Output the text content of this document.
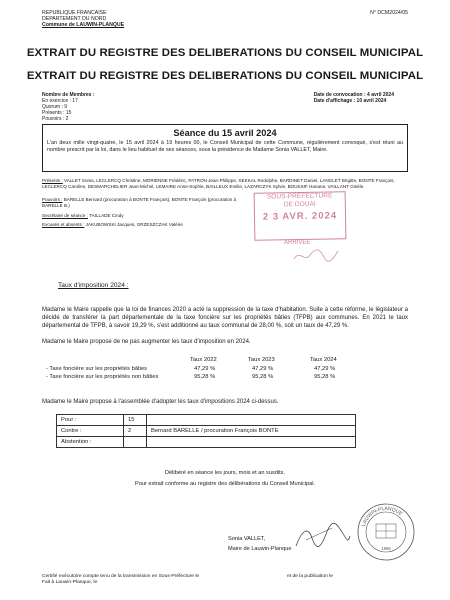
REPUBLIQUE FRANCAISE
DEPARTEMENT DU NORD
Commune de LAUWIN-PLANQUE
N° DCM2024/05
EXTRAIT DU REGISTRE DES DELIBERATIONS DU CONSEIL MUNICIPAL
EXTRAIT DU REGISTRE DES DELIBERATIONS DU CONSEIL MUNICIPAL
Nombre de Membres :
En exercice : 17
Quorum : 9
Présents : 15
Pouvoirs : 2
Date de convocation : 4 avril 2024
Date d'affichage : 10 avril 2024
Séance du 15 avril 2024
L'an deux mille vingt-quatre, le 15 avril 2024 à 19 heures 00, le Conseil Municipal de cette Commune, régulièrement convoqué, s'est réuni au nombre prescrit par la loi, dans le lieu habituel de ses séances, sous la présidence de Madame Sonia VALLET, Maire.
Présents : VALLET Sonia, LECLERCQ Christine, MORIENNE Frédéric, PATRON Jean-Philippe, SEKKAL Rodolphe, BARDINET Daniel, LANGLET Brigitte, BONTE François, LECLERCQ Caroline, DESMARCHELIER Jean-Michel, LEMAIRE Anne-Sophie, BAILLEUX Emilie, LAZARCZYK Sylvie, BOUSSIF Hanane, VAILLANT Gisèle.
Pouvoirs : BARELLE Bernard (procuration à BONTE François), BONTE François (procuration à BARELLE B.)
Secrétaire de séance : TAILLADE Cindy
Excusés et absents : JAKUBOWSKI Jacques, GRZESZCZAK Valérie
SOUS-PREFECTURE
DE DOUAI
2 3 AVR. 2024
ARRIVEE
Taux d'imposition 2024 :
Madame le Maire rappelle que la loi de finances 2020 a acté la suppression de la taxe d'habitation. Suite à cette réforme, le législateur a décidé de transférer la part départementale de la taxe foncière sur les propriétés bâties (TFPB) aux communes. En 2021 le taux départemental de TFPB, à savoir 19,29 %, s'est additionné au taux communal de 28,00 %, soit un taux de 47,29 %.
Madame le Maire propose de ne pas augmenter les taux d'imposition en 2024.
Taux 2022	Taux 2023	Taux 2024
- Taxe foncière sur les propriétés bâties	47,29 %	47,29 %	47,29 %
- Taxe foncière sur les propriétés non bâties	95,28 %	95,28 %	95,28 %
Madame le Maire propose à l'assemblée d'adopter les taux d'impositions 2024 ci-dessus.
Pour :	15	
Contre :	2	Bernard BARELLE / procuration François BONTE
Abstention :		
Délibéré en séance les jours, mois et an susdits.
Pour extrait conforme au registre des délibérations du Conseil Municipal.
Sonia VALLET,
Maire de Lauwin-Planque
LAUWIN-PLANQUE
1986
Certifié exécutoire compte tenu de la transmission en Sous-Préfecture le
Fait à Lauwin-Planque, le
et de la publication le
